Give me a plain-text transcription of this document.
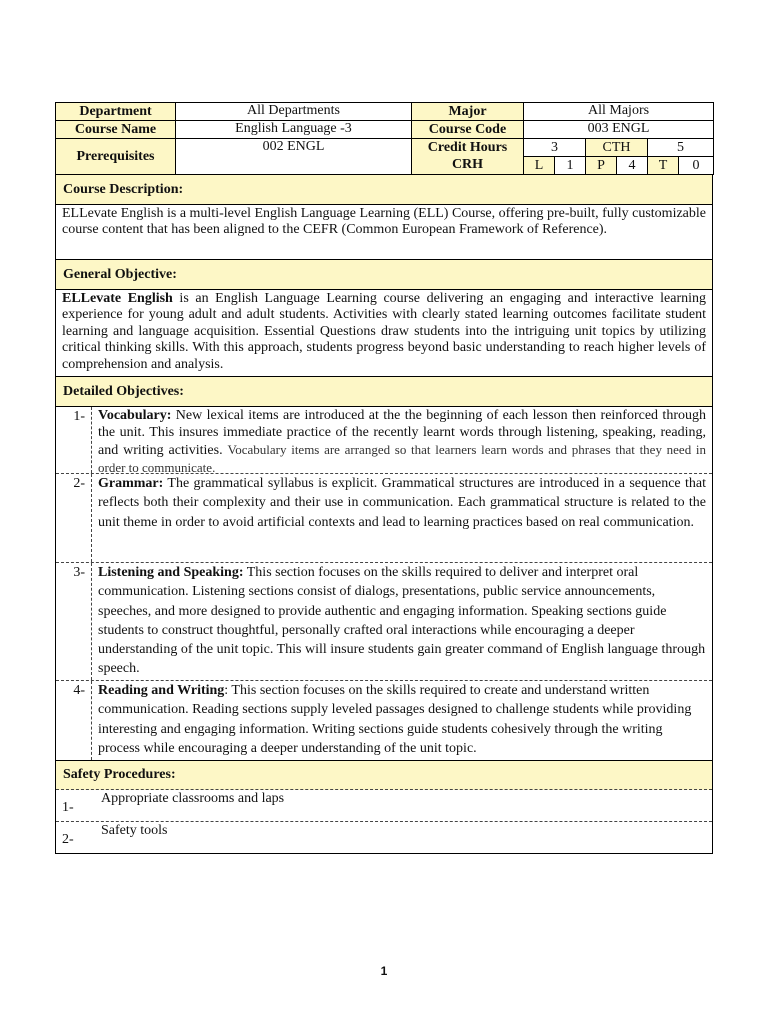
Department	All Departments	Major	All Majors					
Course Name	English Language -3	Course Code	003 ENGL					
Prerequisites	002 ENGL	Credit Hours	3		CTH		5	
		CRH	L	1	P	4	T	0
Course Description:
ELLevate English is a multi-level English Language Learning (ELL) Course, offering pre-built, fully customizable course content that has been aligned to the CEFR (Common European Framework of Reference).
General Objective:
ELLevate English is an English Language Learning course delivering an engaging and interactive learning experience for young adult and adult students. Activities with clearly stated learning outcomes facilitate student learning and language acquisition. Essential Questions draw students into the intriguing unit topics by utilizing critical thinking skills. With this approach, students progress beyond basic understanding to reach higher levels of comprehension and analysis.
Detailed Objectives:
1- Vocabulary: New lexical items are introduced at the the beginning of each lesson then reinforced through the unit. This insures immediate practice of the recently learnt words through listening, speaking, reading, and writing activities. Vocabulary items are arranged so that learners learn words and phrases that they need in order to communicate.
2- Grammar: The grammatical syllabus is explicit. Grammatical structures are introduced in a sequence that reflects both their complexity and their use in communication. Each grammatical structure is related to the unit theme in order to avoid artificial contexts and lead to learning practices based on real communication.
3- Listening and Speaking: This section focuses on the skills required to deliver and interpret oral communication. Listening sections consist of dialogs, presentations, public service announcements, speeches, and more designed to provide authentic and engaging information. Speaking sections guide students to construct thoughtful, personally crafted oral interactions while encouraging a deeper understanding of the unit topic. This will insure students gain greater command of English language through speech.
4- Reading and Writing: This section focuses on the skills required to create and understand written communication. Reading sections supply leveled passages designed to challenge students while providing interesting and engaging information. Writing sections guide students cohesively through the writing process while encouraging a deeper understanding of the unit topic.
Safety Procedures:
1-
Appropriate classrooms and laps
2-
Safety tools
1
